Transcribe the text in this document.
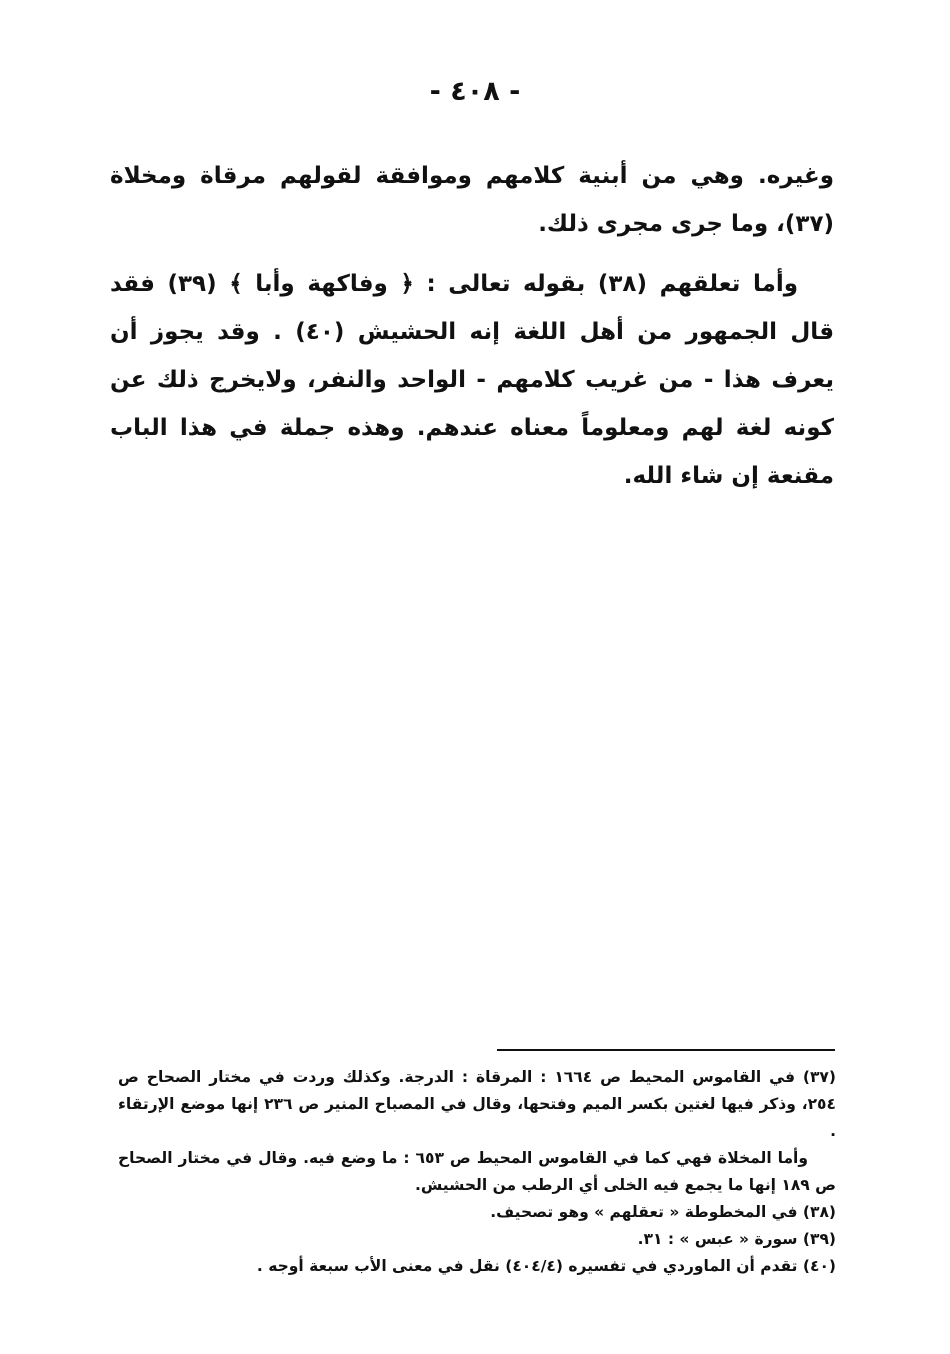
- ٤٠٨ -

وغيره. وهي من أبنية كلامهم وموافقة لقولهم مرقاة ومخلاة (٣٧)، وما جرى مجرى ذلك.

وأما تعلقهم (٣٨) بقوله تعالى : ﴿ وفاكهة وأبا ﴾ (٣٩) فقد قال الجمهور من أهل اللغة إنه الحشيش (٤٠) . وقد يجوز أن يعرف هذا - من غريب كلامهم - الواحد والنفر، ولايخرج ذلك عن كونه لغة لهم ومعلوماً معناه عندهم. وهذه جملة في هذا الباب مقنعة إن شاء الله.

(٣٧) في القاموس المحيط ص ١٦٦٤ : المرقاة : الدرجة. وكذلك وردت في مختار الصحاح ص ٢٥٤، وذكر فيها لغتين بكسر الميم وفتحها، وقال في المصباح المنير ص ٢٣٦ إنها موضع الإرتقاء .

وأما المخلاة فهي كما في القاموس المحيط ص ٦٥٣ : ما وضع فيه. وقال في مختار الصحاح ص ١٨٩ إنها ما يجمع فيه الخلى أي الرطب من الحشيش.

(٣٨) في المخطوطة « تعقلهم » وهو تصحيف.

(٣٩) سورة « عبس » : ٣١.

(٤٠) تقدم أن الماوردي في تفسيره (٤٠٤/٤) نقل في معنى الأب سبعة أوجه .
